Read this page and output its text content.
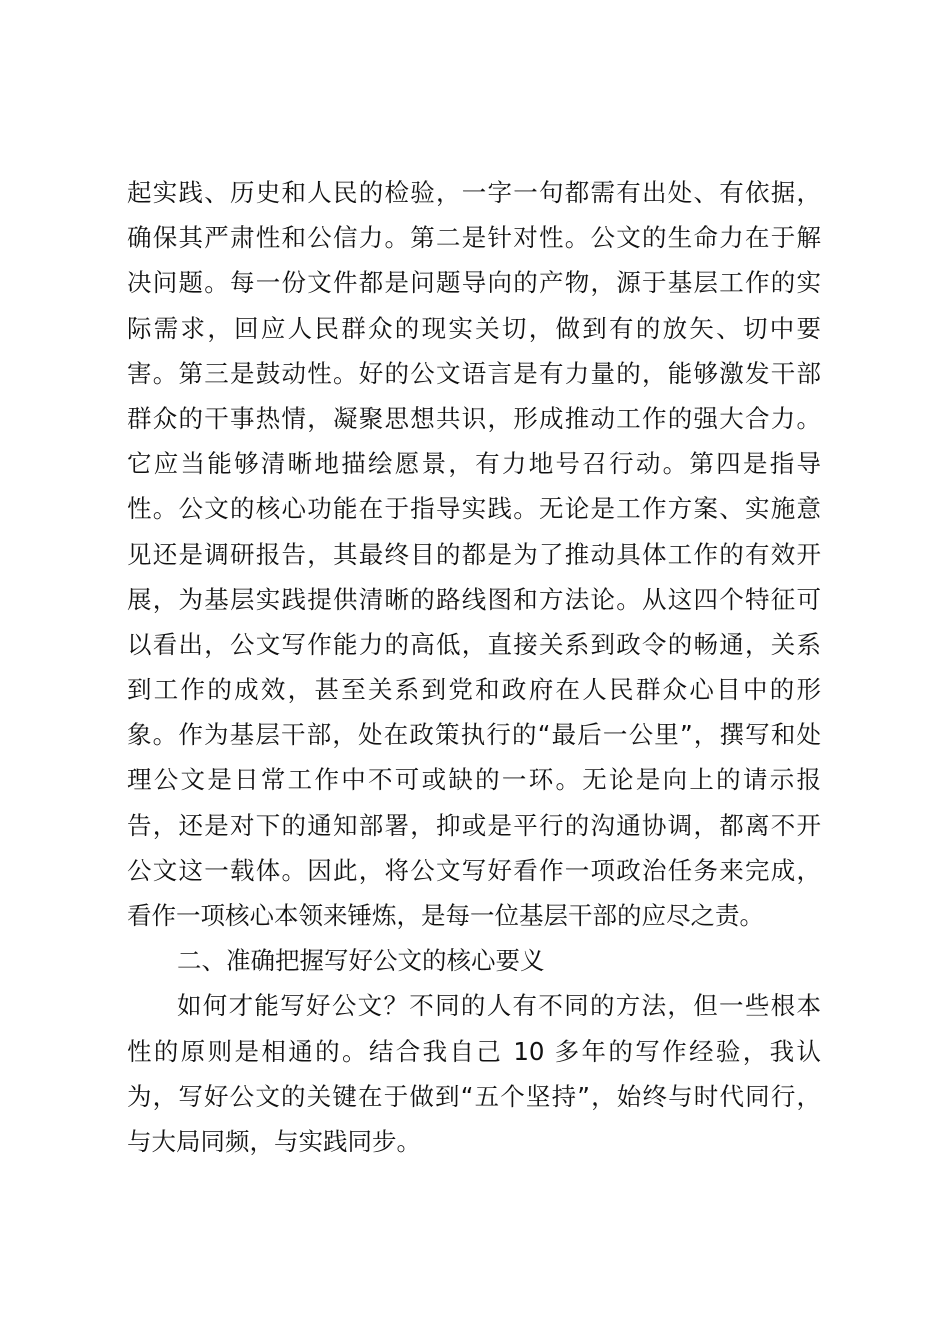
起实践、历史和人民的检验，一字一句都需有出处、有依据，
确保其严肃性和公信力。第二是针对性。公文的生命力在于解
决问题。每一份文件都是问题导向的产物，源于基层工作的实
际需求，回应人民群众的现实关切，做到有的放矢、切中要
害。第三是鼓动性。好的公文语言是有力量的，能够激发干部
群众的干事热情，凝聚思想共识，形成推动工作的强大合力。
它应当能够清晰地描绘愿景，有力地号召行动。第四是指导
性。公文的核心功能在于指导实践。无论是工作方案、实施意
见还是调研报告，其最终目的都是为了推动具体工作的有效开
展，为基层实践提供清晰的路线图和方法论。从这四个特征可
以看出，公文写作能力的高低，直接关系到政令的畅通，关系
到工作的成效，甚至关系到党和政府在人民群众心目中的形
象。作为基层干部，处在政策执行的“最后一公里”，撰写和处
理公文是日常工作中不可或缺的一环。无论是向上的请示报
告，还是对下的通知部署，抑或是平行的沟通协调，都离不开
公文这一载体。因此，将公文写好看作一项政治任务来完成，
看作一项核心本领来锤炼，是每一位基层干部的应尽之责。
二、准确把握写好公文的核心要义
如何才能写好公文？不同的人有不同的方法，但一些根本
性的原则是相通的。结合我自己 10 多年的写作经验，我认
为，写好公文的关键在于做到“五个坚持”，始终与时代同行，
与大局同频，与实践同步。
